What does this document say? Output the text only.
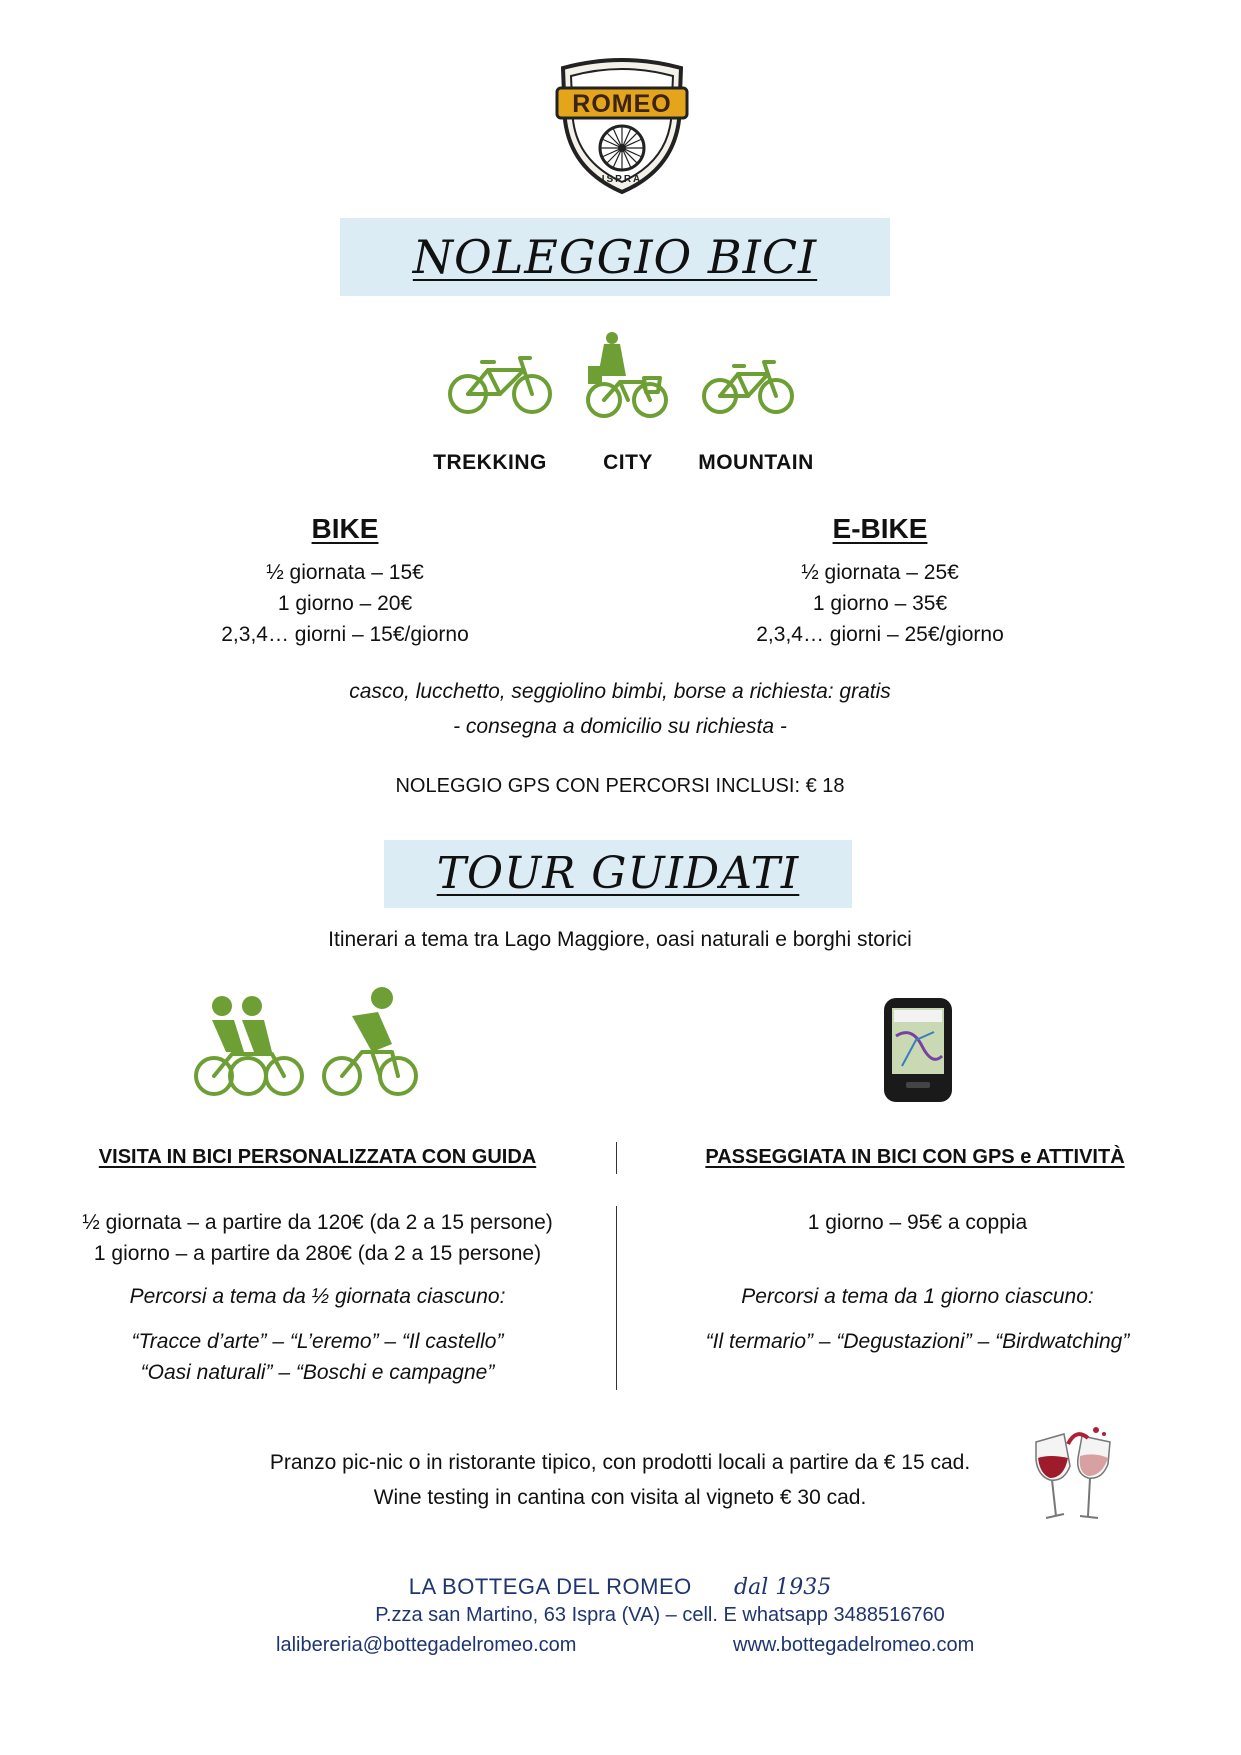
ROMEO
ISPRA
NOLEGGIO BICI
TREKKING	CITY	MOUNTAIN
BIKE
½ giornata – 15€
1 giorno – 20€
2,3,4… giorni – 15€/giorno
E-BIKE
½ giornata – 25€
1 giorno – 35€
2,3,4… giorni – 25€/giorno
casco, lucchetto, seggiolino bimbi, borse a richiesta: gratis
- consegna a domicilio su richiesta -
NOLEGGIO GPS CON PERCORSI INCLUSI: € 18
TOUR GUIDATI
Itinerari a tema tra Lago Maggiore, oasi naturali e borghi storici
VISITA IN BICI PERSONALIZZATA CON GUIDA	PASSEGGIATA IN BICI CON GPS e ATTIVITÀ
½ giornata – a partire da 120€ (da 2 a 15 persone)
1 giorno – a partire da 280€ (da 2 a 15 persone)
Percorsi a tema da ½ giornata ciascuno:
“Tracce d’arte” – “L’eremo” – “Il castello”
“Oasi naturali” – “Boschi e campagne”
1 giorno – 95€ a coppia
Percorsi a tema da 1 giorno ciascuno:
“Il termario” – “Degustazioni” – “Birdwatching”
Pranzo pic-nic o in ristorante tipico, con prodotti locali a partire da € 15 cad.
Wine testing in cantina con visita al vigneto € 30 cad.
LA BOTTEGA DEL ROMEO dal 1935
P.zza san Martino, 63 Ispra (VA) – cell. E whatsapp 3488516760
lalibereria@bottegadelromeo.com	www.bottegadelromeo.com
